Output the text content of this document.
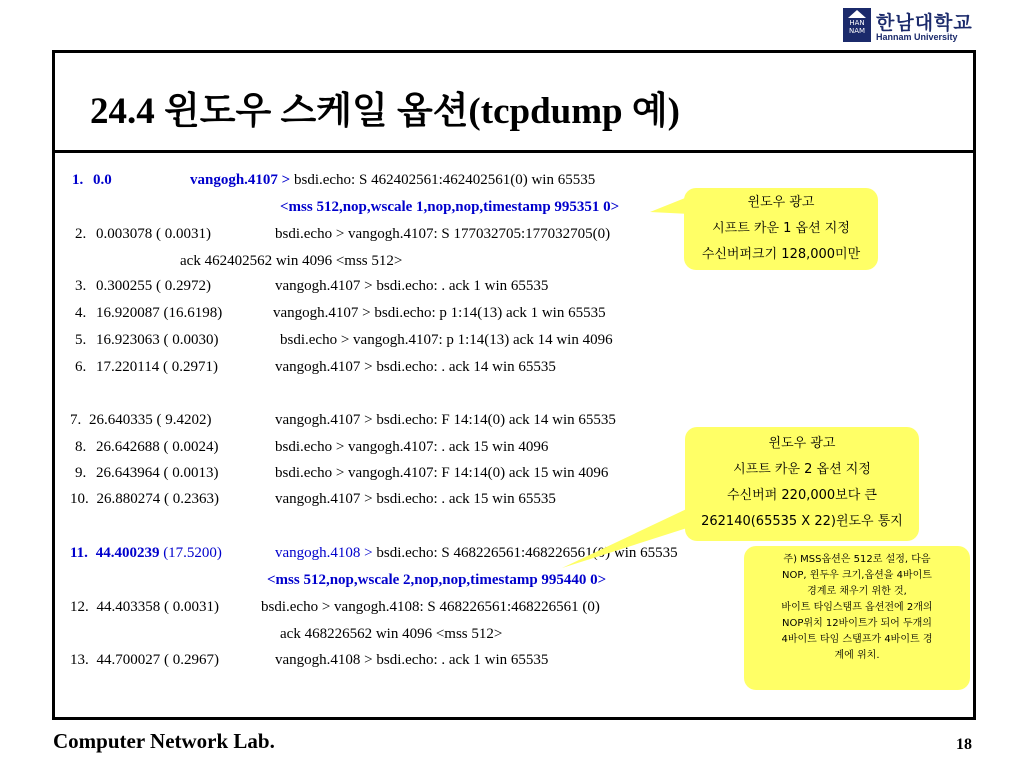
HAN NAM 한남대학교
Hannam University
24.4 윈도우 스케일 옵션(tcpdump 예)
1. 0.0	vangogh.4107 > bsdi.echo: S 462402561:462402561(0) win 65535
<mss 512,nop,wscale 1,nop,nop,timestamp 995351 0>
2. 0.003078 ( 0.0031)	bsdi.echo > vangogh.4107: S 177032705:177032705(0)
ack 462402562 win 4096 <mss 512>
3. 0.300255 ( 0.2972)	vangogh.4107 > bsdi.echo: . ack 1 win 65535
4. 16.920087 (16.6198)	vangogh.4107 > bsdi.echo: p 1:14(13) ack 1 win 65535
5. 16.923063 ( 0.0030)	bsdi.echo > vangogh.4107: p 1:14(13) ack 14 win 4096
6. 17.220114 ( 0.2971)	vangogh.4107 > bsdi.echo: . ack 14 win 65535
7. 26.640335 ( 9.4202)	vangogh.4107 > bsdi.echo: F 14:14(0) ack 14 win 65535
8. 26.642688 ( 0.0024)	bsdi.echo > vangogh.4107: . ack 15 win 4096
9. 26.643964 ( 0.0013)	bsdi.echo > vangogh.4107: F 14:14(0) ack 15 win 4096
10. 26.880274 ( 0.2363)	vangogh.4107 > bsdi.echo: . ack 15 win 65535
11. 44.400239 (17.5200)	vangogh.4108 > bsdi.echo: S 468226561:468226561(0) win 65535
<mss 512,nop,wscale 2,nop,nop,timestamp 995440 0>
12. 44.403358 ( 0.0031)	bsdi.echo > vangogh.4108: S 468226561:468226561 (0)
ack 468226562 win 4096 <mss 512>
13. 44.700027 ( 0.2967)	vangogh.4108 > bsdi.echo: . ack 1 win 65535
윈도우 광고
시프트 카운 1 옵션 지정
수신버퍼크기 128,000미만
윈도우 광고
시프트 카운 2 옵션 지정
수신버퍼 220,000보다 큰
262140(65535 X 22)윈도우 통지
주) MSS옵션은 512로 설정, 다음
NOP, 윈두우 크기,옵션을 4바이트
경계로 채우기 위한 것,
바이트 타임스탬프 옵션전에 2개의
NOP위치 12바이트가 되어 두개의
4바이트 타임 스탬프가 4바이트 경
계에 위치.
Computer Network Lab.	18
